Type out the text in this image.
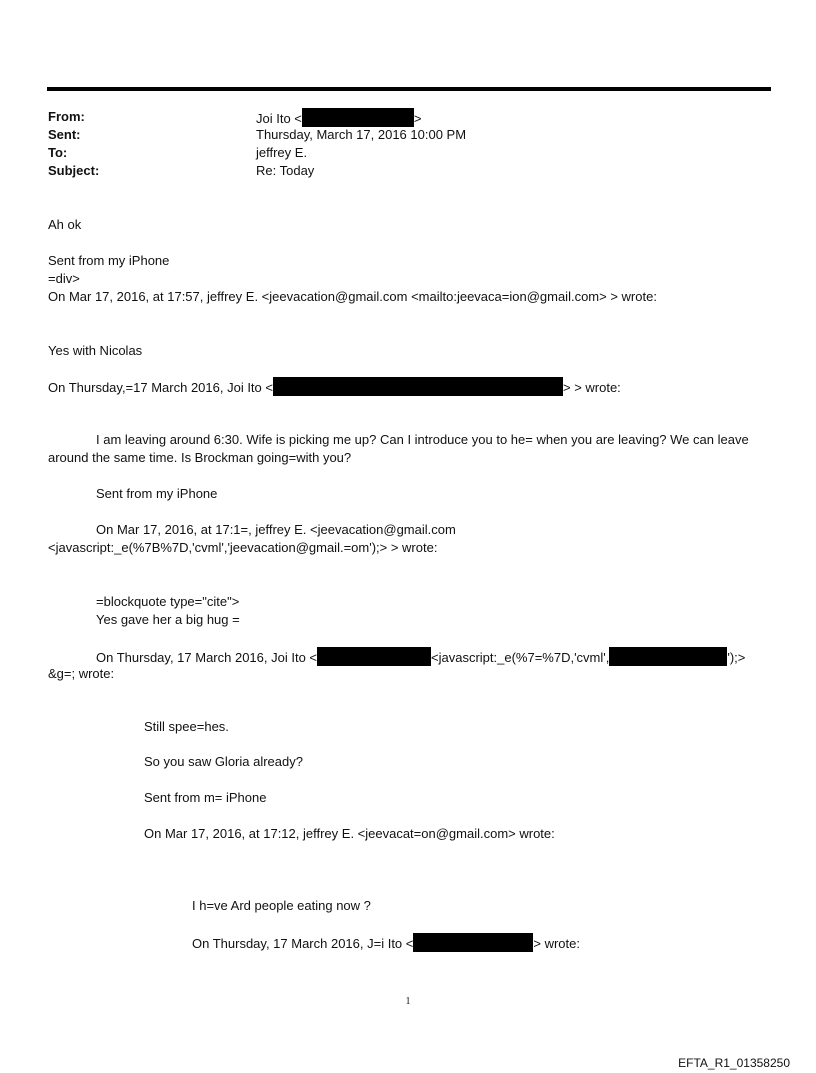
From:	Joi Ito <	>
Sent:	Thursday, March 17, 2016 10:00 PM
To:	jeffrey E.
Subject:	Re: Today
Ah ok
Sent from my iPhone
=div>
On Mar 17, 2016, at 17:57, jeffrey E. <jeevacation@gmail.com <mailto:jeevaca=ion@gmail.com> > wrote:
Yes with Nicolas
On Thursday,=17 March 2016, Joi Ito <	> > wrote:
I am leaving around 6:30. Wife is picking me up? Can I introduce you to he= when you are leaving? We can leave
around the same time. Is Brockman going=with you?
Sent from my iPhone
On Mar 17, 2016, at 17:1=, jeffrey E. <jeevacation@gmail.com
<javascript:_e(%7B%7D,'cvml','jeevacation@gmail.=om');> > wrote:
=blockquote type="cite">
Yes gave her a big hug =
On Thursday, 17 March 2016, Joi Ito <	<javascript:_e(%7=%7D,'cvml',	');>
&g=; wrote:
Still spee=hes.
So you saw Gloria already?
Sent from m= iPhone
On Mar 17, 2016, at 17:12, jeffrey E. <jeevacat=on@gmail.com> wrote:
I h=ve Ard people eating now ?
On Thursday, 17 March 2016, J=i Ito <	> wrote:
1
EFTA_R1_01358250
